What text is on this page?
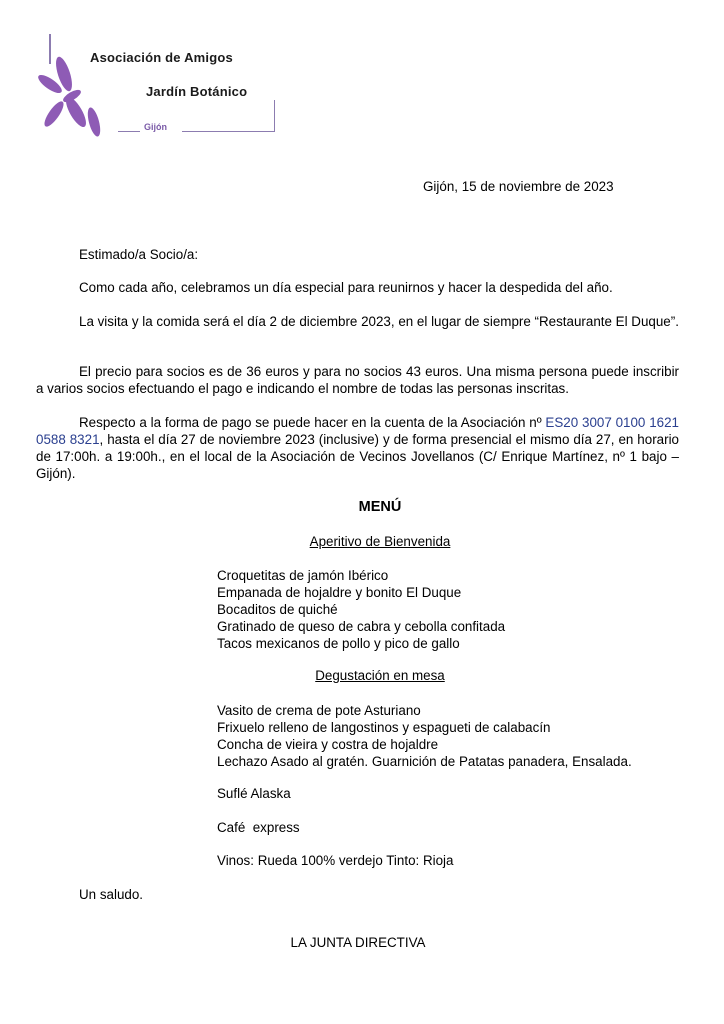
Asociación de Amigos
Jardín Botánico
Gijón
Gijón, 15 de noviembre de 2023
Estimado/a Socio/a:
Como cada año, celebramos un día especial para reunirnos y hacer la despedida del año.
La visita y la comida será el día 2 de diciembre 2023, en el lugar de siempre “Restaurante El Duque”.
El precio para socios es de 36 euros y para no socios 43 euros. Una misma persona puede inscribir a varios socios efectuando el pago e indicando el nombre de todas las personas inscritas.
Respecto a la forma de pago se puede hacer en la cuenta de la Asociación nº ES20 3007 0100 1621 0588 8321, hasta el día 27 de noviembre 2023 (inclusive) y de forma presencial el mismo día 27, en horario de 17:00h. a 19:00h., en el local de la Asociación de Vecinos Jovellanos (C/ Enrique Martínez, nº 1 bajo – Gijón).
MENÚ
Aperitivo de Bienvenida
Croquetitas de jamón Ibérico
Empanada de hojaldre y bonito El Duque
Bocaditos de quiché
Gratinado de queso de cabra y cebolla confitada
Tacos mexicanos de pollo y pico de gallo
Degustación en mesa
Vasito de crema de pote Asturiano
Frixuelo relleno de langostinos y espagueti de calabacín
Concha de vieira y costra de hojaldre
Lechazo Asado al gratén. Guarnición de Patatas panadera, Ensalada.
Suflé Alaska
Café  express
Vinos: Rueda 100% verdejo Tinto: Rioja
Un saludo.
LA JUNTA DIRECTIVA
